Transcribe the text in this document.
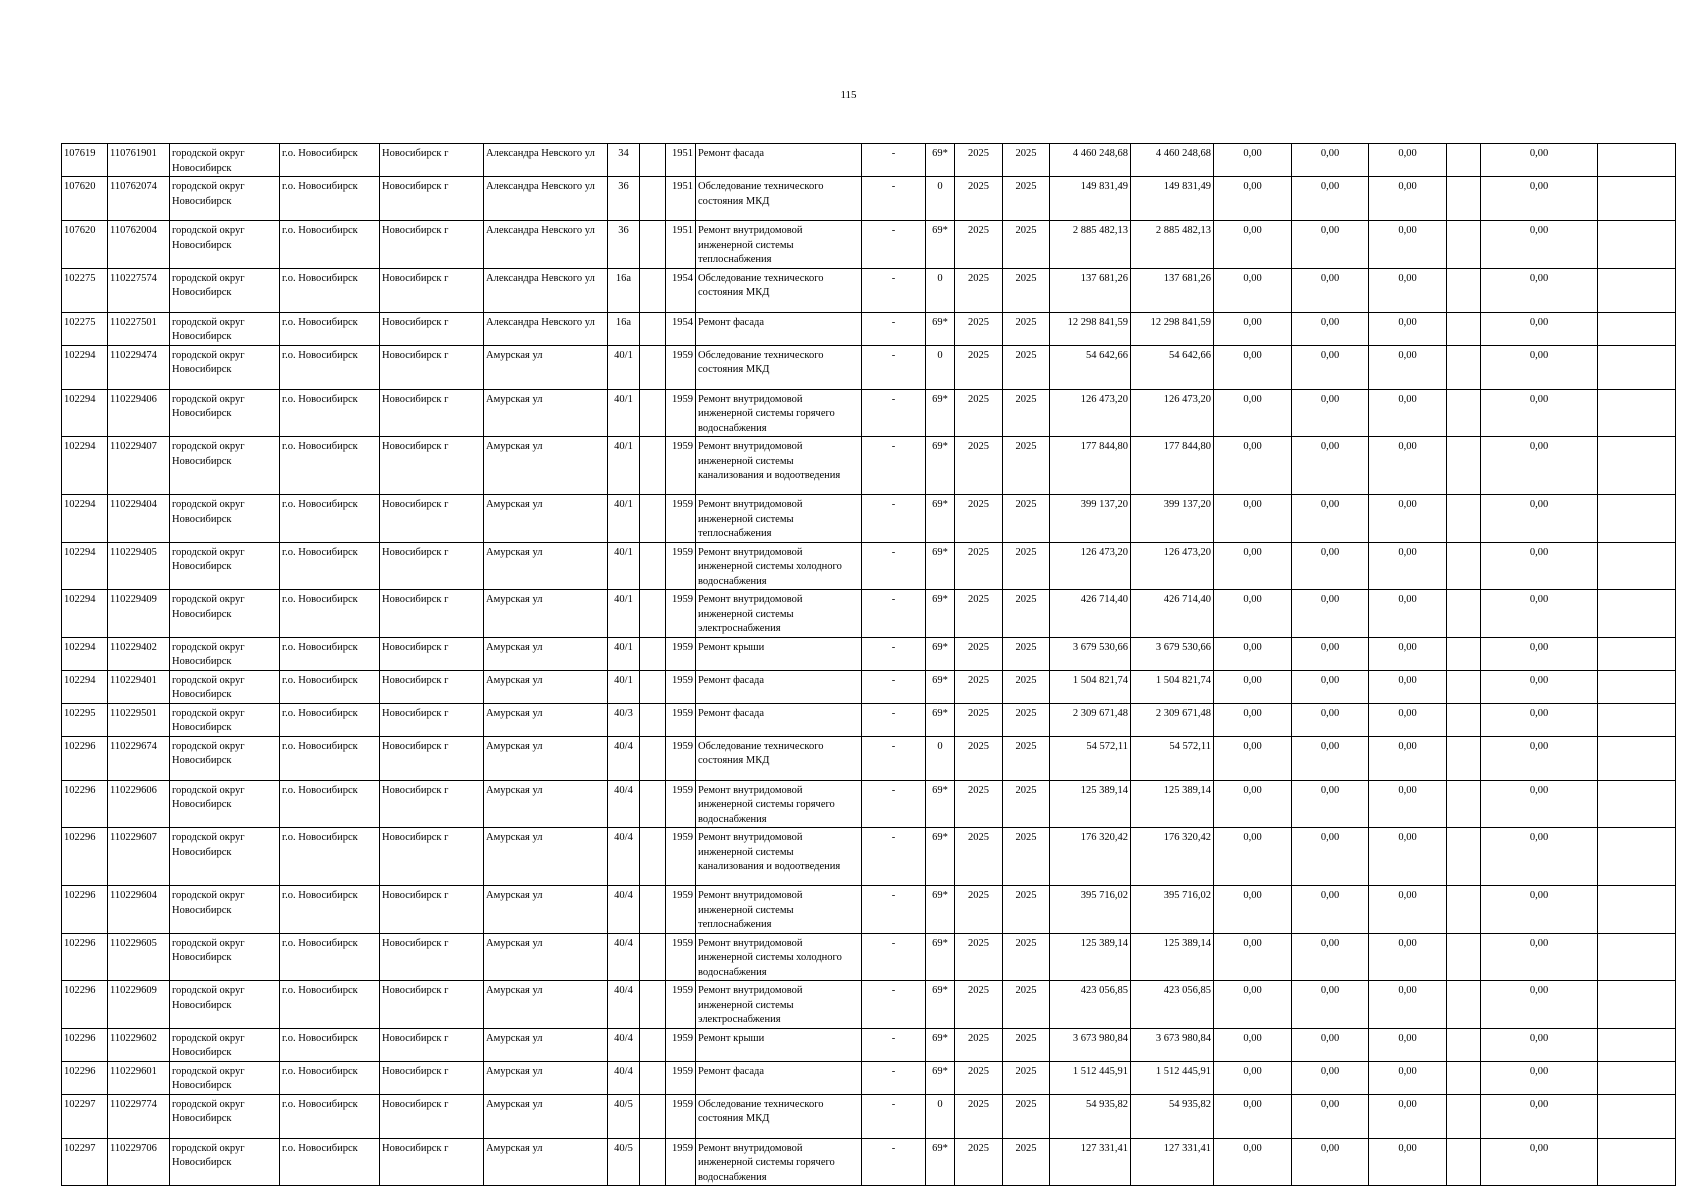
115
107619	110761901	городской округ Новосибирск	г.о. Новосибирск	Новосибирск г	Александра Невского ул	34		1951	Ремонт фасада	-	69*	2025	2025	4 460 248,68	4 460 248,68	0,00	0,00	0,00		0,00	
107620	110762074	городской округ Новосибирск	г.о. Новосибирск	Новосибирск г	Александра Невского ул	36		1951	Обследование технического состояния МКД	-	0	2025	2025	149 831,49	149 831,49	0,00	0,00	0,00		0,00	
107620	110762004	городской округ Новосибирск	г.о. Новосибирск	Новосибирск г	Александра Невского ул	36		1951	Ремонт внутридомовой инженерной системы теплоснабжения	-	69*	2025	2025	2 885 482,13	2 885 482,13	0,00	0,00	0,00		0,00	
102275	110227574	городской округ Новосибирск	г.о. Новосибирск	Новосибирск г	Александра Невского ул	16а		1954	Обследование технического состояния МКД	-	0	2025	2025	137 681,26	137 681,26	0,00	0,00	0,00		0,00	
102275	110227501	городской округ Новосибирск	г.о. Новосибирск	Новосибирск г	Александра Невского ул	16а		1954	Ремонт фасада	-	69*	2025	2025	12 298 841,59	12 298 841,59	0,00	0,00	0,00		0,00	
102294	110229474	городской округ Новосибирск	г.о. Новосибирск	Новосибирск г	Амурская ул	40/1		1959	Обследование технического состояния МКД	-	0	2025	2025	54 642,66	54 642,66	0,00	0,00	0,00		0,00	
102294	110229406	городской округ Новосибирск	г.о. Новосибирск	Новосибирск г	Амурская ул	40/1		1959	Ремонт внутридомовой инженерной системы горячего водоснабжения	-	69*	2025	2025	126 473,20	126 473,20	0,00	0,00	0,00		0,00	
102294	110229407	городской округ Новосибирск	г.о. Новосибирск	Новосибирск г	Амурская ул	40/1		1959	Ремонт внутридомовой инженерной системы канализования и водоотведения	-	69*	2025	2025	177 844,80	177 844,80	0,00	0,00	0,00		0,00	
102294	110229404	городской округ Новосибирск	г.о. Новосибирск	Новосибирск г	Амурская ул	40/1		1959	Ремонт внутридомовой инженерной системы теплоснабжения	-	69*	2025	2025	399 137,20	399 137,20	0,00	0,00	0,00		0,00	
102294	110229405	городской округ Новосибирск	г.о. Новосибирск	Новосибирск г	Амурская ул	40/1		1959	Ремонт внутридомовой инженерной системы холодного водоснабжения	-	69*	2025	2025	126 473,20	126 473,20	0,00	0,00	0,00		0,00	
102294	110229409	городской округ Новосибирск	г.о. Новосибирск	Новосибирск г	Амурская ул	40/1		1959	Ремонт внутридомовой инженерной системы электроснабжения	-	69*	2025	2025	426 714,40	426 714,40	0,00	0,00	0,00		0,00	
102294	110229402	городской округ Новосибирск	г.о. Новосибирск	Новосибирск г	Амурская ул	40/1		1959	Ремонт крыши	-	69*	2025	2025	3 679 530,66	3 679 530,66	0,00	0,00	0,00		0,00	
102294	110229401	городской округ Новосибирск	г.о. Новосибирск	Новосибирск г	Амурская ул	40/1		1959	Ремонт фасада	-	69*	2025	2025	1 504 821,74	1 504 821,74	0,00	0,00	0,00		0,00	
102295	110229501	городской округ Новосибирск	г.о. Новосибирск	Новосибирск г	Амурская ул	40/3		1959	Ремонт фасада	-	69*	2025	2025	2 309 671,48	2 309 671,48	0,00	0,00	0,00		0,00	
102296	110229674	городской округ Новосибирск	г.о. Новосибирск	Новосибирск г	Амурская ул	40/4		1959	Обследование технического состояния МКД	-	0	2025	2025	54 572,11	54 572,11	0,00	0,00	0,00		0,00	
102296	110229606	городской округ Новосибирск	г.о. Новосибирск	Новосибирск г	Амурская ул	40/4		1959	Ремонт внутридомовой инженерной системы горячего водоснабжения	-	69*	2025	2025	125 389,14	125 389,14	0,00	0,00	0,00		0,00	
102296	110229607	городской округ Новосибирск	г.о. Новосибирск	Новосибирск г	Амурская ул	40/4		1959	Ремонт внутридомовой инженерной системы канализования и водоотведения	-	69*	2025	2025	176 320,42	176 320,42	0,00	0,00	0,00		0,00	
102296	110229604	городской округ Новосибирск	г.о. Новосибирск	Новосибирск г	Амурская ул	40/4		1959	Ремонт внутридомовой инженерной системы теплоснабжения	-	69*	2025	2025	395 716,02	395 716,02	0,00	0,00	0,00		0,00	
102296	110229605	городской округ Новосибирск	г.о. Новосибирск	Новосибирск г	Амурская ул	40/4		1959	Ремонт внутридомовой инженерной системы холодного водоснабжения	-	69*	2025	2025	125 389,14	125 389,14	0,00	0,00	0,00		0,00	
102296	110229609	городской округ Новосибирск	г.о. Новосибирск	Новосибирск г	Амурская ул	40/4		1959	Ремонт внутридомовой инженерной системы электроснабжения	-	69*	2025	2025	423 056,85	423 056,85	0,00	0,00	0,00		0,00	
102296	110229602	городской округ Новосибирск	г.о. Новосибирск	Новосибирск г	Амурская ул	40/4		1959	Ремонт крыши	-	69*	2025	2025	3 673 980,84	3 673 980,84	0,00	0,00	0,00		0,00	
102296	110229601	городской округ Новосибирск	г.о. Новосибирск	Новосибирск г	Амурская ул	40/4		1959	Ремонт фасада	-	69*	2025	2025	1 512 445,91	1 512 445,91	0,00	0,00	0,00		0,00	
102297	110229774	городской округ Новосибирск	г.о. Новосибирск	Новосибирск г	Амурская ул	40/5		1959	Обследование технического состояния МКД	-	0	2025	2025	54 935,82	54 935,82	0,00	0,00	0,00		0,00	
102297	110229706	городской округ Новосибирск	г.о. Новосибирск	Новосибирск г	Амурская ул	40/5		1959	Ремонт внутридомовой инженерной системы горячего водоснабжения	-	69*	2025	2025	127 331,41	127 331,41	0,00	0,00	0,00		0,00	
